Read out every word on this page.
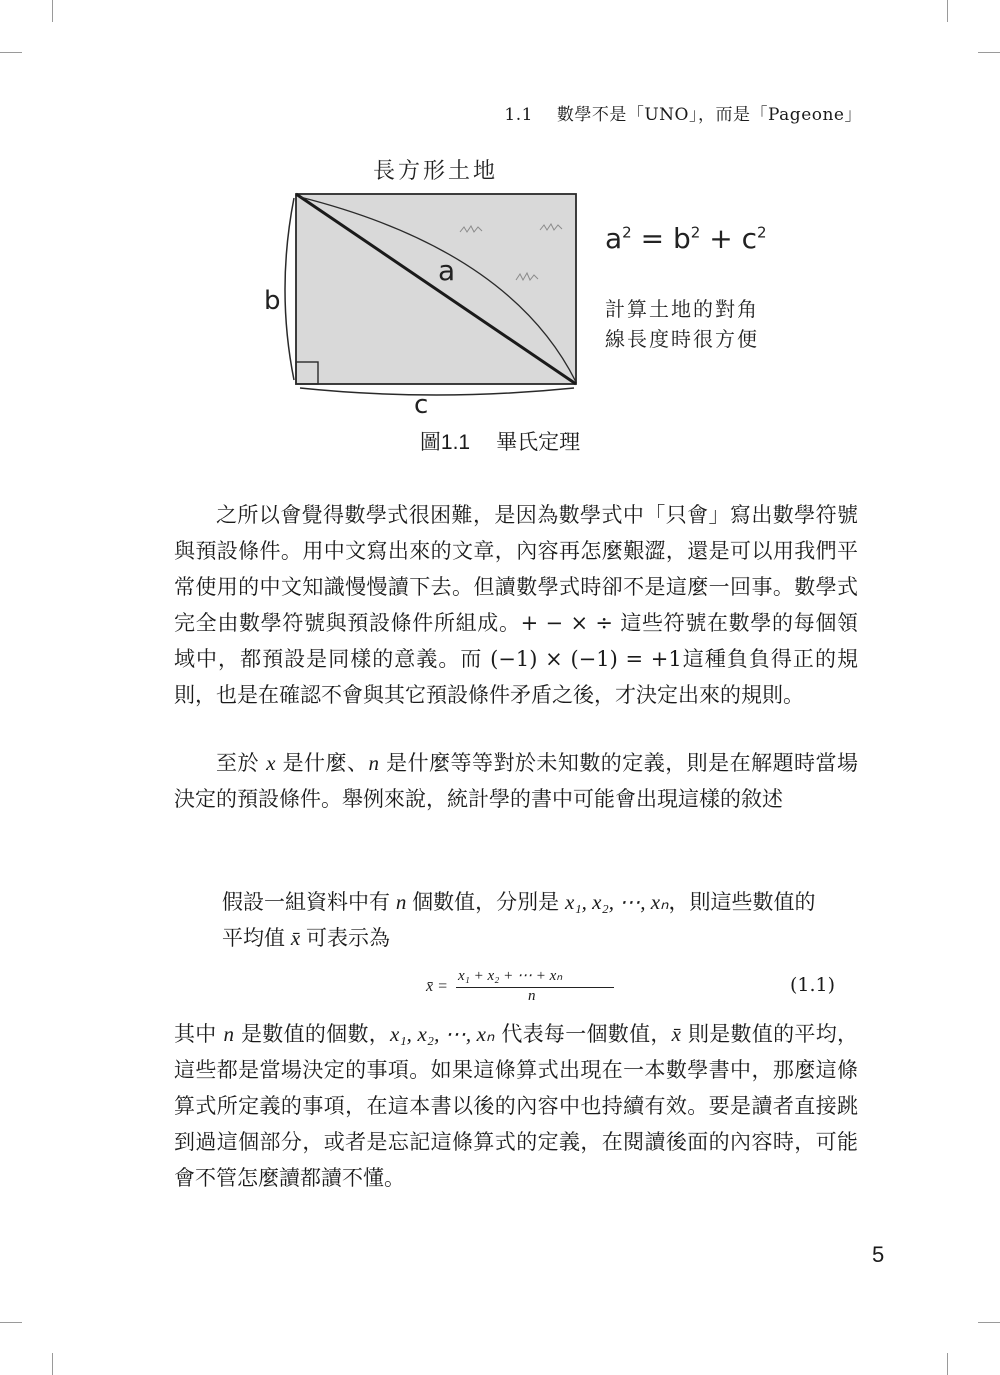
1.1 數學不是「UNO」，而是「Pageone」
長方形土地
a
b
c
$a^2 = b^2 + c^2$
計算土地的對角
線長度時很方便
圖1.1 畢氏定理

之所以會覺得數學式很困難，是因為數學式中「只會」寫出數學符號與預設條件。用中文寫出來的文章，內容再怎麼艱澀，還是可以用我們平常使用的中文知識慢慢讀下去。但讀數學式時卻不是這麼一回事。數學式完全由數學符號與預設條件所組成。+ − × ÷ 這些符號在數學的每個領域中，都預設是同樣的意義。而 (−1) × (−1) = +1這種負負得正的規則，也是在確認不會與其它預設條件矛盾之後，才決定出來的規則。

至於 x 是什麼、n 是什麼等等對於未知數的定義，則是在解題時當場決定的預設條件。舉例來說，統計學的書中可能會出現這樣的敘述

假設一組資料中有 n 個數值，分別是 x₁, x₂, ⋯, xₙ，則這些數值的
平均值 x̄ 可表示為
x̄ =
x₁ + x₂ + ⋯ + xₙ
n	(1.1)

其中 n 是數值的個數，x₁, x₂, ⋯, xₙ 代表每一個數值，x̄ 則是數值的平均，這些都是當場決定的事項。如果這條算式出現在一本數學書中，那麼這條算式所定義的事項，在這本書以後的內容中也持續有效。要是讀者直接跳到過這個部分，或者是忘記這條算式的定義，在閱讀後面的內容時，可能會不管怎麼讀都讀不懂。

5
